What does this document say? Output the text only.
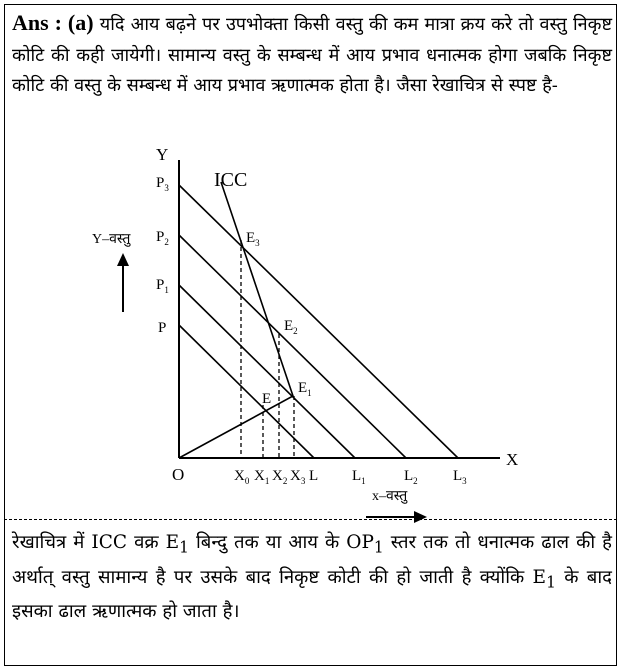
Ans : (a) यदि आय बढ़ने पर उपभोक्ता किसी वस्तु की कम मात्रा क्रय करे तो वस्तु निकृष्ट कोटि की कही जायेगी। सामान्य वस्तु के सम्बन्ध में आय प्रभाव धनात्मक होगा जबकि निकृष्ट कोटि की वस्तु के सम्बन्ध में आय प्रभाव ऋणात्मक होता है। जैसा रेखाचित्र से स्पष्ट है-
Y
X
O
ICC
$P_3$
$P_2$
$P_1$
P
$E_3$
$E_2$
$E_1$
E
$X_0$ $X_1$ $X_2$ $X_3$ L $L_1$	$L_2$ $L_3$
Y–वस्तु
x–वस्तु
रेखाचित्र में ICC वक्र $E_1$ बिन्दु तक या आय के $OP_1$ स्तर तक तो धनात्मक ढाल की है अर्थात् वस्तु सामान्य है पर उसके बाद निकृष्ट कोटी की हो जाती है क्योंकि $E_1$ के बाद इसका ढाल ऋणात्मक हो जाता है।
